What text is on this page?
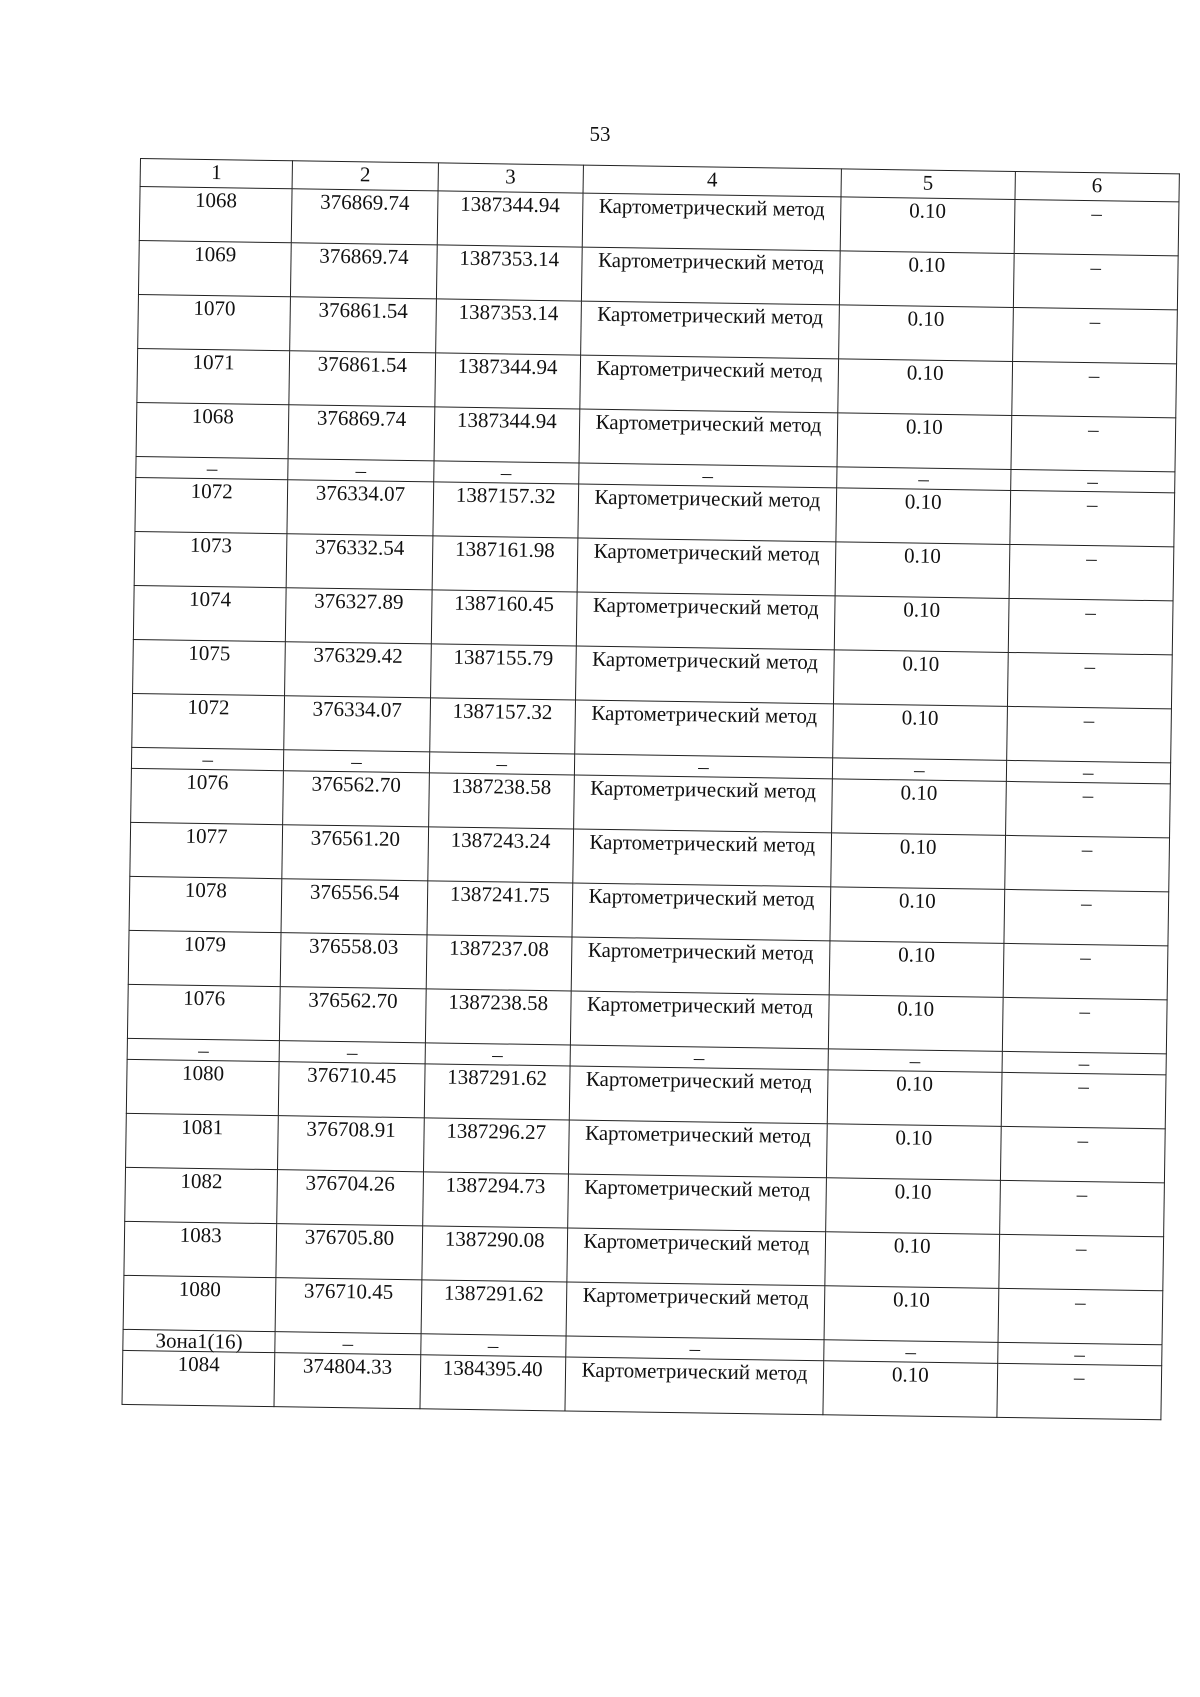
53
1	2	3	4	5	6
1068	376869.74	1387344.94	Картометрический метод	0.10	–
1069	376869.74	1387353.14	Картометрический метод	0.10	–
1070	376861.54	1387353.14	Картометрический метод	0.10	–
1071	376861.54	1387344.94	Картометрический метод	0.10	–
1068	376869.74	1387344.94	Картометрический метод	0.10	–
–	–	–	–	–	–
1072	376334.07	1387157.32	Картометрический метод	0.10	–
1073	376332.54	1387161.98	Картометрический метод	0.10	–
1074	376327.89	1387160.45	Картометрический метод	0.10	–
1075	376329.42	1387155.79	Картометрический метод	0.10	–
1072	376334.07	1387157.32	Картометрический метод	0.10	–
–	–	–	–	–	–
1076	376562.70	1387238.58	Картометрический метод	0.10	–
1077	376561.20	1387243.24	Картометрический метод	0.10	–
1078	376556.54	1387241.75	Картометрический метод	0.10	–
1079	376558.03	1387237.08	Картометрический метод	0.10	–
1076	376562.70	1387238.58	Картометрический метод	0.10	–
–	–	–	–	–	–
1080	376710.45	1387291.62	Картометрический метод	0.10	–
1081	376708.91	1387296.27	Картометрический метод	0.10	–
1082	376704.26	1387294.73	Картометрический метод	0.10	–
1083	376705.80	1387290.08	Картометрический метод	0.10	–
1080	376710.45	1387291.62	Картометрический метод	0.10	–
Зона1(16)	–	–	–	–	–
1084	374804.33	1384395.40	Картометрический метод	0.10	–
